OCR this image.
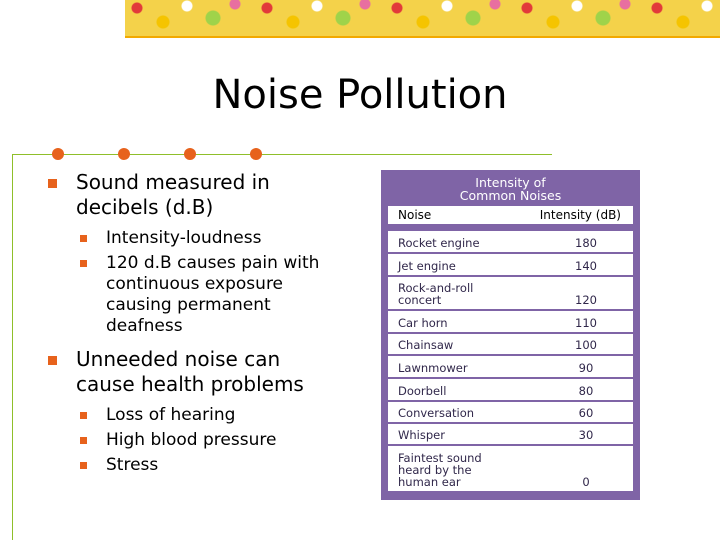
Noise Pollution
Sound measured in decibels (d.B)
Intensity-loudness
120 d.B causes pain with continuous exposure causing permanent deafness
Unneeded noise can cause health problems
Loss of hearing
High blood pressure
Stress
Intensity of
Common Noises
Noise	Intensity (dB)
Rocket engine	180
Jet engine	140
Rock-and-roll
concert	120
Car horn	110
Chainsaw	100
Lawnmower	90
Doorbell	80
Conversation	60
Whisper	30
Faintest sound
heard by the
human ear	0
